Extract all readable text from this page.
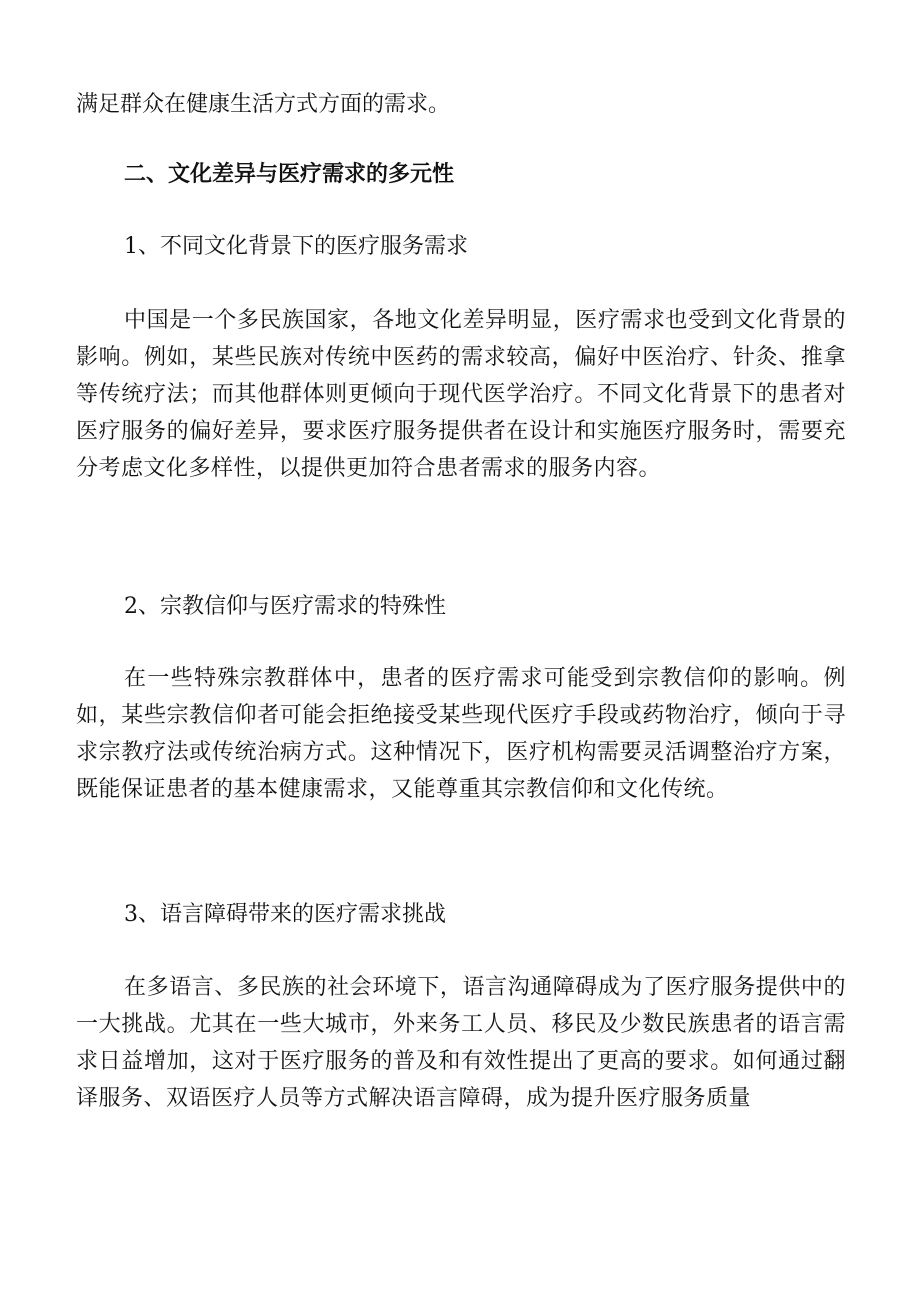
满足群众在健康生活方式方面的需求。

二、文化差异与医疗需求的多元性

1、不同文化背景下的医疗服务需求

中国是一个多民族国家，各地文化差异明显，医疗需求也受到文化背景的影响。例如，某些民族对传统中医药的需求较高，偏好中医治疗、针灸、推拿等传统疗法；而其他群体则更倾向于现代医学治疗。不同文化背景下的患者对医疗服务的偏好差异，要求医疗服务提供者在设计和实施医疗服务时，需要充分考虑文化多样性，以提供更加符合患者需求的服务内容。

2、宗教信仰与医疗需求的特殊性

在一些特殊宗教群体中，患者的医疗需求可能受到宗教信仰的影响。例如，某些宗教信仰者可能会拒绝接受某些现代医疗手段或药物治疗，倾向于寻求宗教疗法或传统治病方式。这种情况下，医疗机构需要灵活调整治疗方案，既能保证患者的基本健康需求，又能尊重其宗教信仰和文化传统。

3、语言障碍带来的医疗需求挑战

在多语言、多民族的社会环境下，语言沟通障碍成为了医疗服务提供中的一大挑战。尤其在一些大城市，外来务工人员、移民及少数民族患者的语言需求日益增加，这对于医疗服务的普及和有效性提出了更高的要求。如何通过翻译服务、双语医疗人员等方式解决语言障碍，成为提升医疗服务质量
